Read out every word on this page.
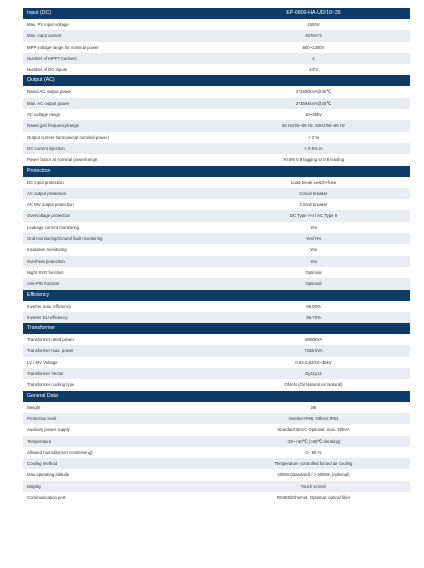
Input (DC)	EP-6800-HA-UD/10~35
Max. PV input voltage	1500V
Max. input current	4075A*2
MPP voltage range for nominal power	900~1300V
Number of MPPT trackers	4
Number of DC inputs	24*2
Output (AC)
Rated AC output power	2*3400kVA@45℃
Max. AC output power	2*3594kVA@25℃
AC voltage range	10~35kV
Rated grid frequency/range	50 Hz/45~55 Hz, 60Hz/55~65 Hz
Output current harmonic(at nominal power)	< 3 %
DC current injection	< 0.5% In
Power factor at nominal power/range	>0.99/ 0.8 lagging to 0.8 leading
Protection
DC input protection	Load break switch+fuse
AC output protection	Circuit breaker
AC MV output protection	Circuit breaker
Overvoltage protection	DC Type I+II / AC Type II
Leakage current monitoring	Yes
Grid monitoring/Ground fault monitoring	Yes/Yes
Insulation monitoring	Yes
Overheat protection	Yes
Night SVG function	Optional
Anti-PID function	Optional
Efficiency
Inverter max. efficiency	99.00%
Inverter EU efficiency	98.70%
Transformer
Transformer rated power	6800kVA
Transformer max. power	7188 kVA
LV / MV Voltage	0.63-0.63/10~35kV
Transformer Vector	Dy11y11
Transformer cooling type	ONAN (Oil Natural Air Natural)
General Data
Weight	28t
Protection level	Inverter:IP66, Others:IP54
Auxiliary power supply	Standard:5kVA, Optional: max. 40kVA
Temperature	-30~+60℃ (>50℃ derating)
Allowed humidity(non condensing)	0 - 95 %
Cooling method	Temperature controlled forced air cooling
Max.operating altitude	2000m(standard) / > 2000m (optional)
Display	Touch screen
Communication port	RS485/Ethernet, Optional: optical fiber
